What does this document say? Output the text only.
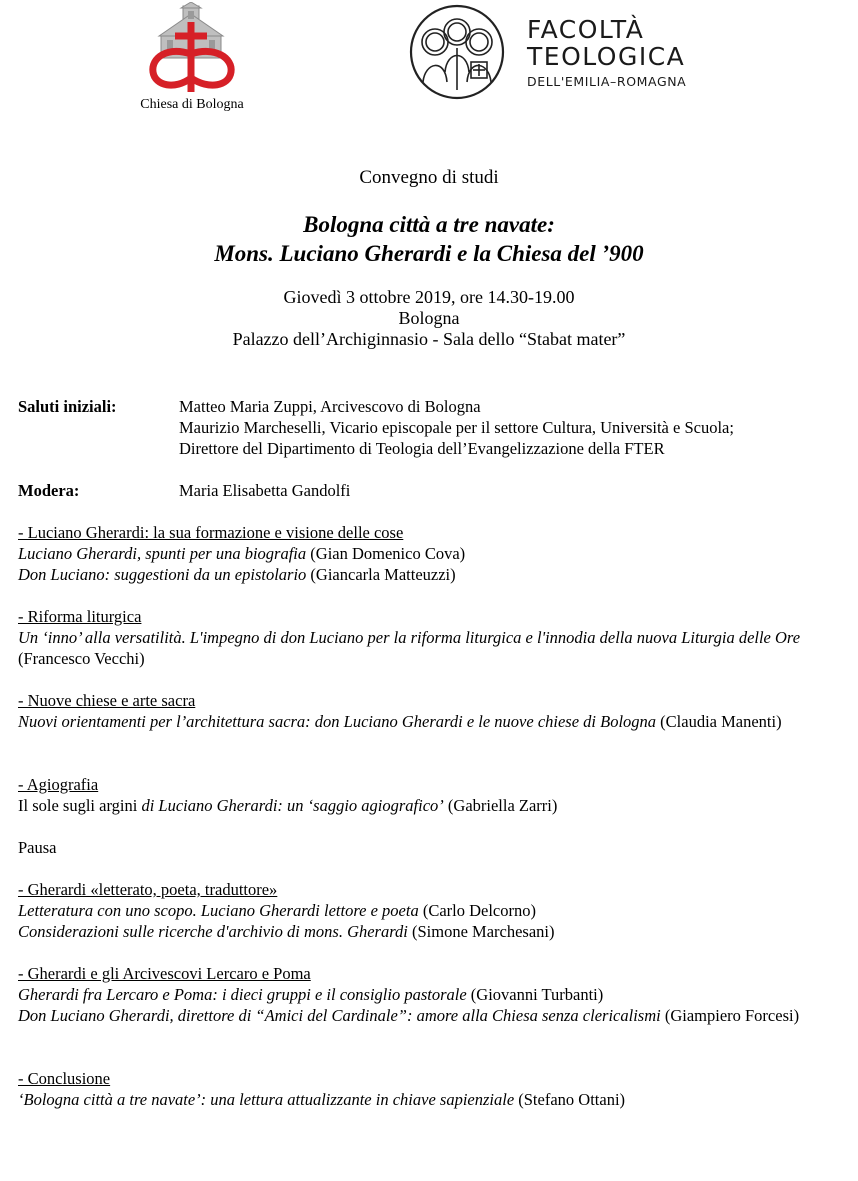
Chiesa di Bologna
FACOLTÀ
TEOLOGICA
DELL'EMILIA–ROMAGNA
Convegno di studi
Bologna città a tre navate:
Mons. Luciano Gherardi e la Chiesa del ’900
Giovedì 3 ottobre 2019, ore 14.30-19.00
Bologna
Palazzo dell’Archiginnasio - Sala dello “Stabat mater”
Saluti iniziali:	Matteo Maria Zuppi, Arcivescovo di Bologna
Maurizio Marcheselli, Vicario episcopale per il settore Cultura, Università e Scuola;
Direttore del Dipartimento di Teologia dell’Evangelizzazione della FTER
Modera:	Maria Elisabetta Gandolfi

- Luciano Gherardi: la sua formazione e visione delle cose

Luciano Gherardi, spunti per una biografia (Gian Domenico Cova)

Don Luciano: suggestioni da un epistolario (Giancarla Matteuzzi)

- Riforma liturgica

Un ‘inno’ alla versatilità. L'impegno di don Luciano per la riforma liturgica e l'innodia della nuova Liturgia delle Ore (Francesco Vecchi)

- Nuove chiese e arte sacra

Nuovi orientamenti per l’architettura sacra: don Luciano Gherardi e le nuove chiese di Bologna (Claudia Manenti)

- Agiografia

Il sole sugli argini di Luciano Gherardi: un ‘saggio agiografico’ (Gabriella Zarri)

Pausa

- Gherardi «letterato, poeta, traduttore»

Letteratura con uno scopo. Luciano Gherardi lettore e poeta (Carlo Delcorno)

Considerazioni sulle ricerche d'archivio di mons. Gherardi (Simone Marchesani)

- Gherardi e gli Arcivescovi Lercaro e Poma

Gherardi fra Lercaro e Poma: i dieci gruppi e il consiglio pastorale (Giovanni Turbanti)

Don Luciano Gherardi, direttore di “Amici del Cardinale”: amore alla Chiesa senza clericalismi (Giampiero Forcesi)

- Conclusione

‘Bologna città a tre navate’: una lettura attualizzante in chiave sapienziale (Stefano Ottani)
